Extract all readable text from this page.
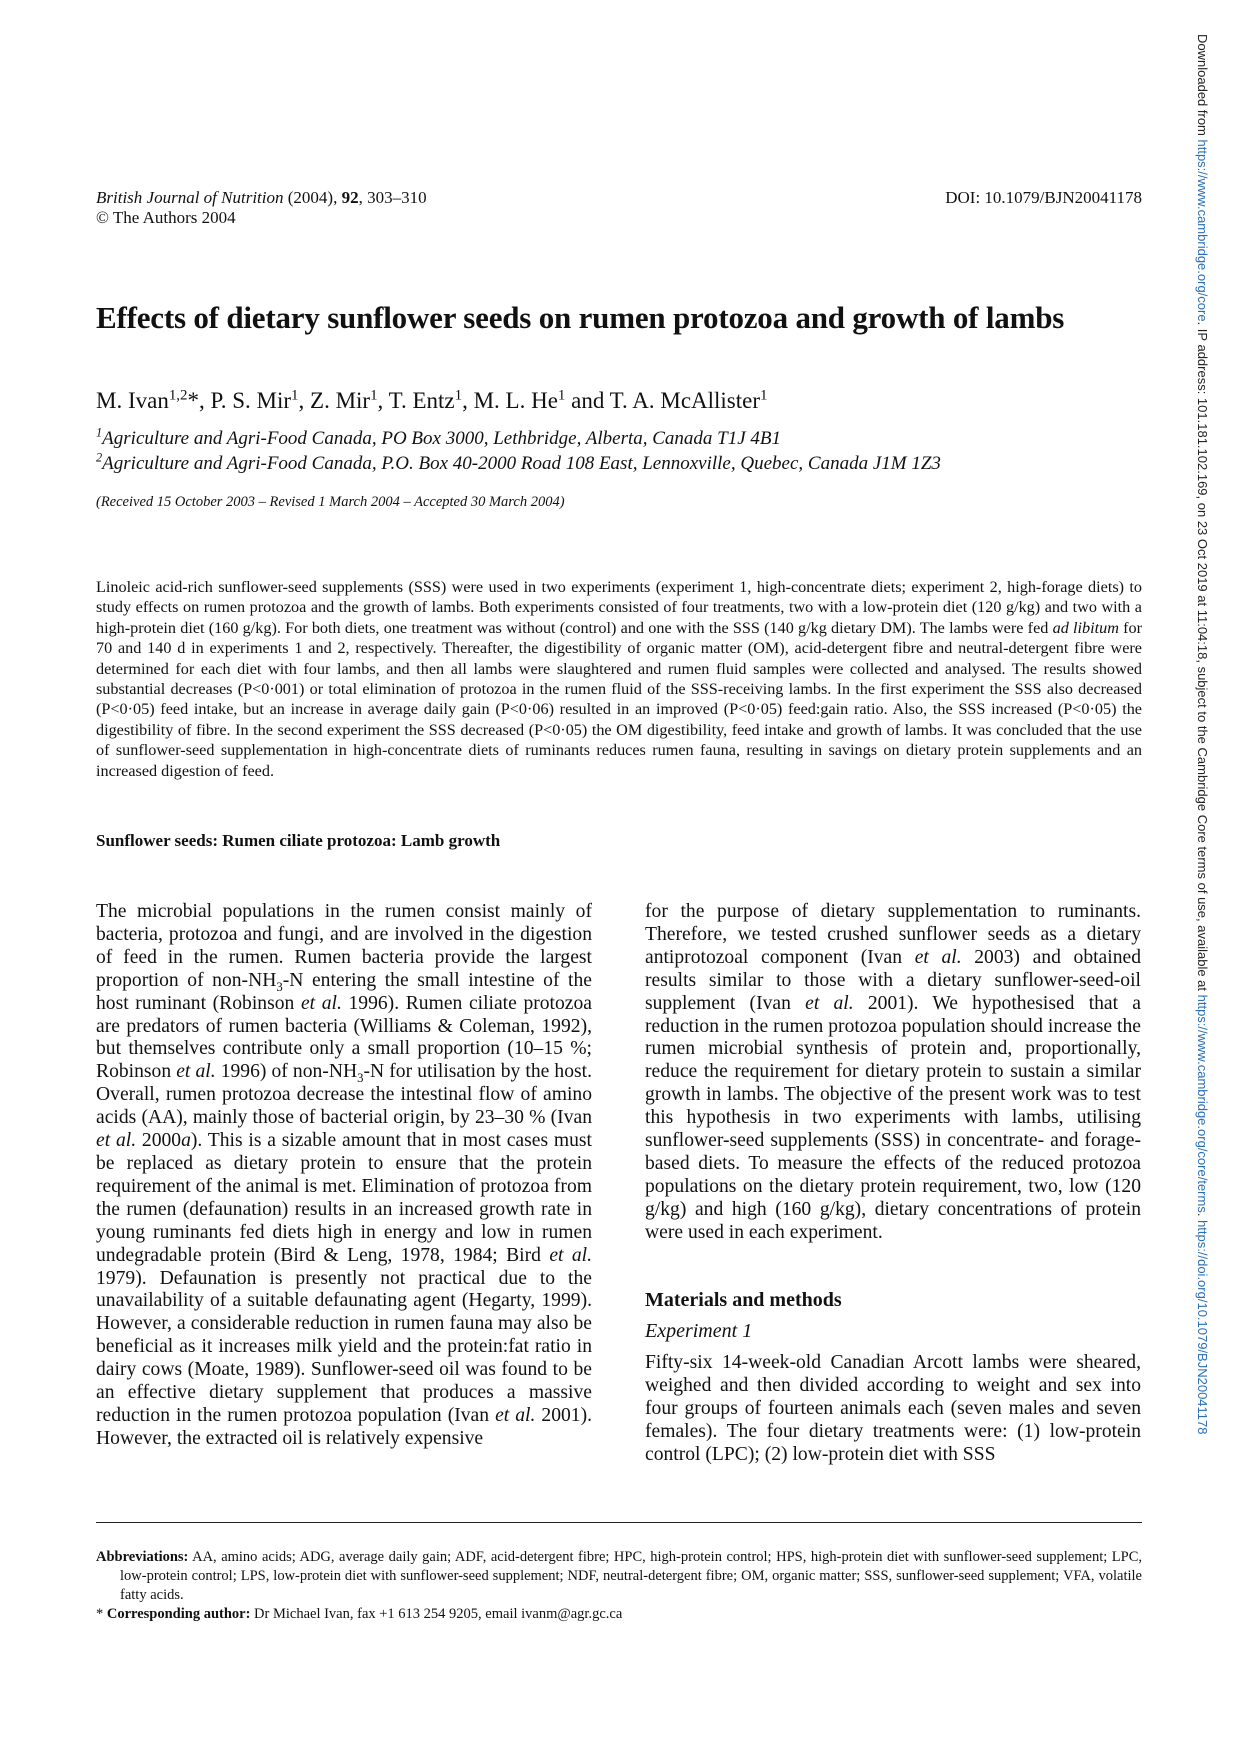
British Journal of Nutrition (2004), 92, 303–310
© The Authors 2004
DOI: 10.1079/BJN20041178
Effects of dietary sunflower seeds on rumen protozoa and growth of lambs
M. Ivan$^{1,2}$*, P. S. Mir$^1$, Z. Mir$^1$, T. Entz$^1$, M. L. He$^1$ and T. A. McAllister$^1$
$^1$Agriculture and Agri-Food Canada, PO Box 3000, Lethbridge, Alberta, Canada T1J 4B1
$^2$Agriculture and Agri-Food Canada, P.O. Box 40-2000 Road 108 East, Lennoxville, Quebec, Canada J1M 1Z3
(Received 15 October 2003 – Revised 1 March 2004 – Accepted 30 March 2004)
Linoleic acid-rich sunflower-seed supplements (SSS) were used in two experiments (experiment 1, high-concentrate diets; experiment 2, high-forage diets) to study effects on rumen protozoa and the growth of lambs. Both experiments consisted of four treatments, two with a low-protein diet (120 g/kg) and two with a high-protein diet (160 g/kg). For both diets, one treatment was without (control) and one with the SSS (140 g/kg dietary DM). The lambs were fed ad libitum for 70 and 140 d in experiments 1 and 2, respectively. Thereafter, the digestibility of organic matter (OM), acid-detergent fibre and neutral-detergent fibre were determined for each diet with four lambs, and then all lambs were slaughtered and rumen fluid samples were collected and analysed. The results showed substantial decreases (P<0·001) or total elimination of protozoa in the rumen fluid of the SSS-receiving lambs. In the first experiment the SSS also decreased (P<0·05) feed intake, but an increase in average daily gain (P<0·06) resulted in an improved (P<0·05) feed:gain ratio. Also, the SSS increased (P<0·05) the digestibility of fibre. In the second experiment the SSS decreased (P<0·05) the OM digestibility, feed intake and growth of lambs. It was concluded that the use of sunflower-seed supplementation in high-concentrate diets of ruminants reduces rumen fauna, resulting in savings on dietary protein supplements and an increased digestion of feed.
Sunflower seeds: Rumen ciliate protozoa: Lamb growth

The microbial populations in the rumen consist mainly of bacteria, protozoa and fungi, and are involved in the digestion of feed in the rumen. Rumen bacteria provide the largest proportion of non-$NH_3-N$ entering the small intestine of the host ruminant (Robinson et al. 1996). Rumen ciliate protozoa are predators of rumen bacteria (Williams & Coleman, 1992), but themselves contribute only a small proportion (10–15 %; Robinson et al. 1996) of non-$NH_3-N$ for utilisation by the host. Overall, rumen protozoa decrease the intestinal flow of amino acids (AA), mainly those of bacterial origin, by 23–30 % (Ivan et al. 2000a). This is a sizable amount that in most cases must be replaced as dietary protein to ensure that the protein requirement of the animal is met. Elimination of protozoa from the rumen (defaunation) results in an increased growth rate in young ruminants fed diets high in energy and low in rumen undegradable protein (Bird & Leng, 1978, 1984; Bird et al. 1979). Defaunation is presently not practical due to the unavailability of a suitable defaunating agent (Hegarty, 1999). However, a considerable reduction in rumen fauna may also be beneficial as it increases milk yield and the protein:fat ratio in dairy cows (Moate, 1989). Sunflower-seed oil was found to be an effective dietary supplement that produces a massive reduction in the rumen protozoa population (Ivan et al. 2001). However, the extracted oil is relatively expensive

for the purpose of dietary supplementation to ruminants. Therefore, we tested crushed sunflower seeds as a dietary antiprotozoal component (Ivan et al. 2003) and obtained results similar to those with a dietary sunflower-seed-oil supplement (Ivan et al. 2001). We hypothesised that a reduction in the rumen protozoa population should increase the rumen microbial synthesis of protein and, proportionally, reduce the requirement for dietary protein to sustain a similar growth in lambs. The objective of the present work was to test this hypothesis in two experiments with lambs, utilising sunflower-seed supplements (SSS) in concentrate- and forage-based diets. To measure the effects of the reduced protozoa populations on the dietary protein requirement, two, low (120 g/kg) and high (160 g/kg), dietary concentrations of protein were used in each experiment.

Materials and methods
Experiment 1

Fifty-six 14-week-old Canadian Arcott lambs were sheared, weighed and then divided according to weight and sex into four groups of fourteen animals each (seven males and seven females). The four dietary treatments were: (1) low-protein control (LPC); (2) low-protein diet with SSS

Abbreviations: AA, amino acids; ADG, average daily gain; ADF, acid-detergent fibre; HPC, high-protein control; HPS, high-protein diet with sunflower-seed supplement; LPC, low-protein control; LPS, low-protein diet with sunflower-seed supplement; NDF, neutral-detergent fibre; OM, organic matter; SSS, sunflower-seed supplement; VFA, volatile fatty acids.

* Corresponding author: Dr Michael Ivan, fax +1 613 254 9205, email ivanm@agr.gc.ca

Downloaded from https://www.cambridge.org/core. IP address: 101.181.102.169, on 23 Oct 2019 at 11:04:18, subject to the Cambridge Core terms of use, available at https://www.cambridge.org/core/terms. https://doi.org/10.1079/BJN20041178
